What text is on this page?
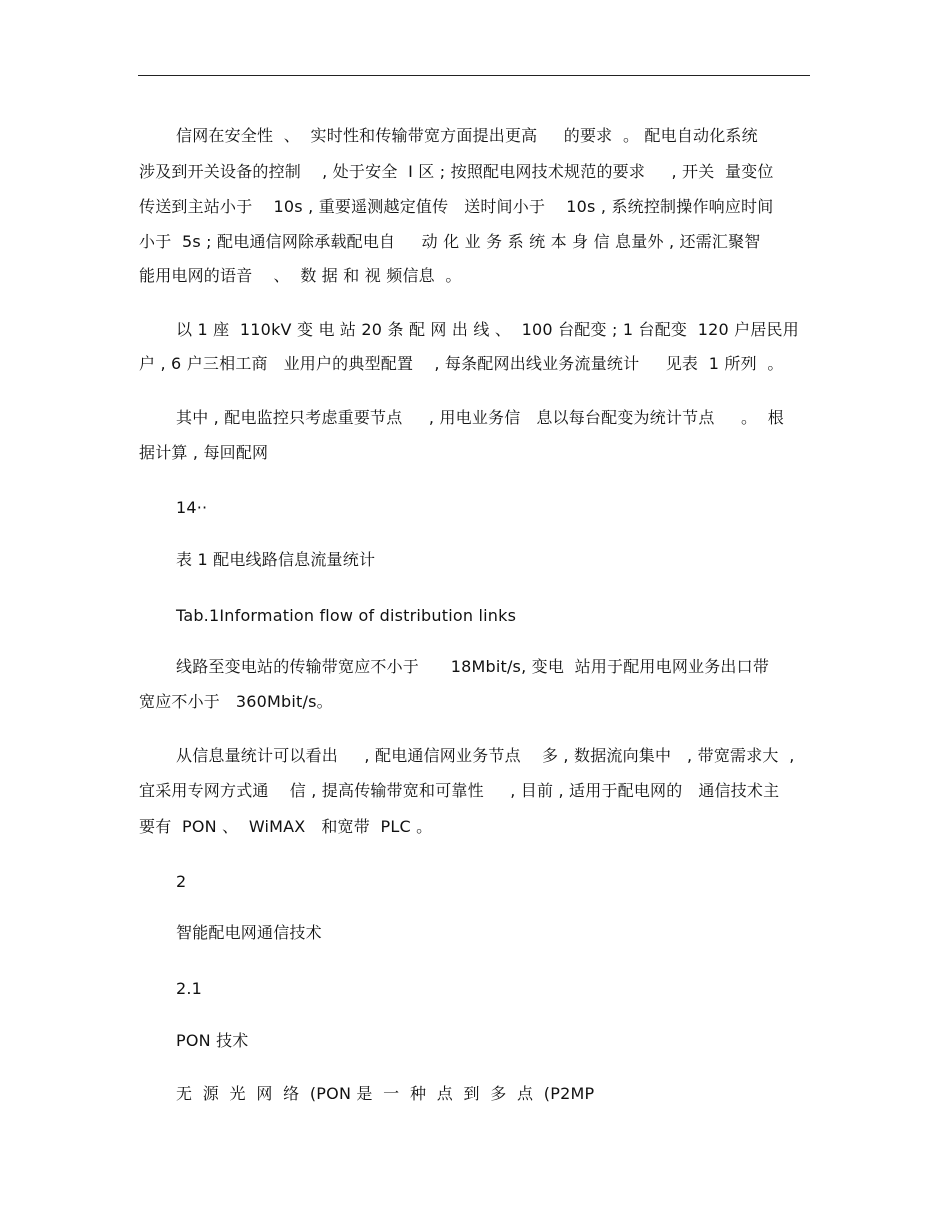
信网在安全性  、  实时性和传输带宽方面提出更高     的要求  。 配电自动化系统
涉及到开关设备的控制    , 处于安全  Ⅰ 区 ; 按照配电网技术规范的要求     , 开关  量变位
传送到主站小于    10s , 重要遥测越定值传   送时间小于    10s , 系统控制操作响应时间
小于  5s ; 配电通信网除承载配电自     动 化 业 务 系 统 本 身 信 息量外 , 还需汇聚智
能用电网的语音    、  数 据 和 视 频信息  。
以 1 座  110kV 变 电 站 20 条 配 网 出 线 、  100 台配变 ; 1 台配变  120 户居民用
户 , 6 户三相工商   业用户的典型配置    , 每条配网出线业务流量统计     见表  1 所列  。
其中 , 配电监控只考虑重要节点     , 用电业务信   息以每台配变为统计节点     。  根
据计算 , 每回配网
14··
表 1 配电线路信息流量统计
Tab.1Information flow of distribution links
线路至变电站的传输带宽应不小于      18Mbit/s, 变电  站用于配用电网业务出口带
宽应不小于   360Mbit/s。
从信息量统计可以看出     , 配电通信网业务节点    多 , 数据流向集中   , 带宽需求大  ,
宜采用专网方式通    信 , 提高传输带宽和可靠性     , 目前 , 适用于配电网的   通信技术主
要有  PON 、  WiMAX   和宽带  PLC 。
2
智能配电网通信技术
2.1
PON 技术
无  源  光  网  络  (PON 是  一  种  点  到  多  点  (P2MP
